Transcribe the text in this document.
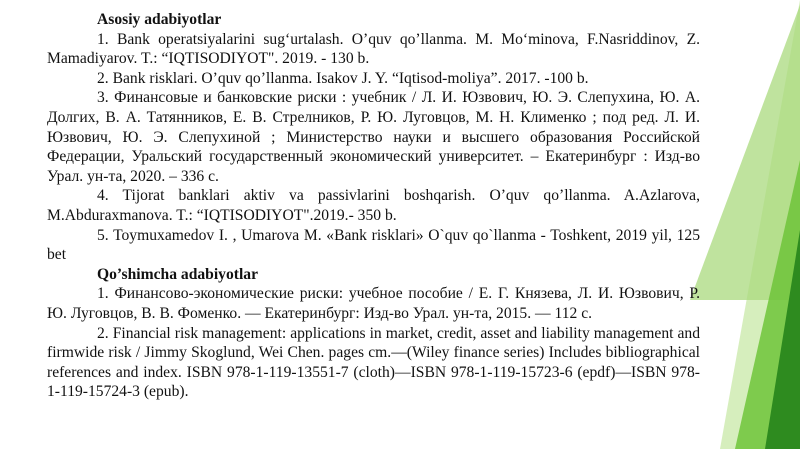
Asosiy adabiyotlar
1. Bank operatsiyalarini sug‘urtalash. O’quv qo’llanma. M. Mo‘minova, F.Nasriddinov, Z. Mamadiyarov. T.: “IQTISODIYOT". 2019. - 130 b.
2. Bank risklari. O’quv qo’llanma. Isakov J. Y. “Iqtisod-moliya”. 2017. -100 b.
3. Финансовые и банковские риски : учебник / Л. И. Юзвович, Ю. Э. Слепухина, Ю. А. Долгих, В. А. Татянников, Е. В. Стрелников, Р. Ю. Луговцов, М. Н. Клименко ; под ред. Л. И. Юзвович, Ю. Э. Слепухиной ; Министерство науки и высшего образования Российской Федерации, Уральский государственный экономический университет. – Екатеринбург : Изд-во Урал. ун-та, 2020. – 336 с.
4. Tijorat banklari aktiv va passivlarini boshqarish. O’quv qo’llanma. A.Azlarova, M.Abduraxmanova. T.: “IQTISODIYOT".2019.- 350 b.
5. Toymuxamedov I. , Umarova M. «Bank risklari» O`quv qo`llanma - Toshkent, 2019 yil, 125 bet
Qo’shimcha adabiyotlar
1. Финансово-экономические риски: учебное пособие / Е. Г. Князева, Л. И. Юзвович, Р. Ю. Луговцов, В. В. Фоменко. — Екатеринбург: Изд-во Урал. ун-та, 2015. — 112 с.
2. Financial risk management: applications in market, credit, asset and liability management and firmwide risk / Jimmy Skoglund, Wei Chen. pages cm.—(Wiley finance series) Includes bibliographical references and index. ISBN 978-1-119-13551-7 (cloth)—ISBN 978-1-119-15723-6 (epdf)—ISBN 978-1-119-15724-3 (epub).
